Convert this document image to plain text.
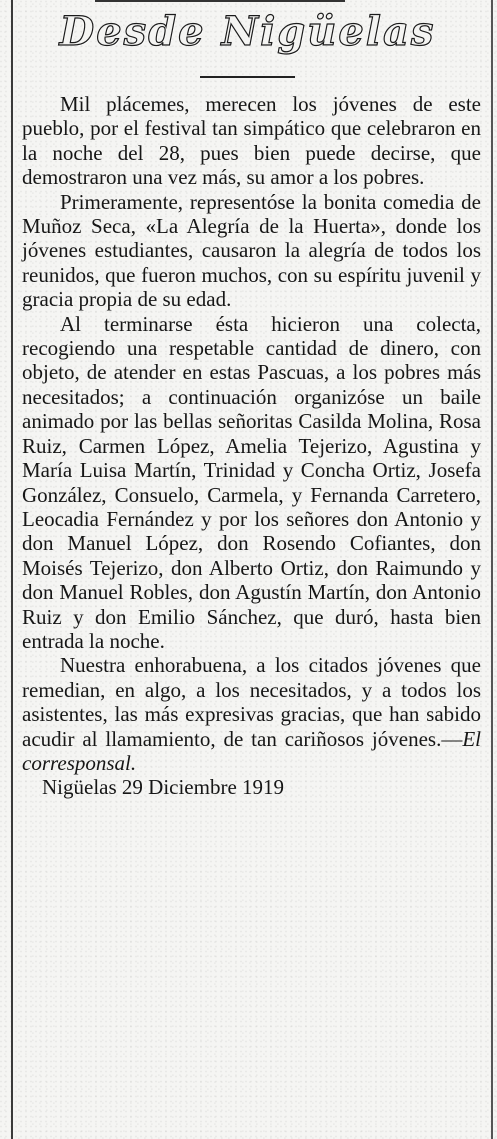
Desde Nigüelas

Mil plácemes, merecen los jóvenes de este pueblo, por el festival tan simpático que celebraron en la noche del 28, pues bien puede decirse, que demostraron una vez más, su amor a los pobres.

Primeramente, representóse la bonita comedia de Muñoz Seca, «La Alegría de la Huerta», donde los jóvenes estudiantes, causaron la alegría de todos los reunidos, que fueron muchos, con su espíritu juvenil y gracia propia de su edad.

Al terminarse ésta hicieron una colecta, recogiendo una respetable cantidad de dinero, con objeto, de atender en estas Pascuas, a los pobres más necesitados; a continuación organizóse un baile animado por las bellas señoritas Casilda Molina, Rosa Ruiz, Carmen López, Amelia Tejerizo, Agustina y María Luisa Martín, Trinidad y Concha Ortiz, Josefa González, Consuelo, Carmela, y Fernanda Carretero, Leocadia Fernández y por los señores don Antonio y don Manuel López, don Rosendo Cofiantes, don Moisés Tejerizo, don Alberto Ortiz, don Raimundo y don Manuel Robles, don Agustín Martín, don Antonio Ruiz y don Emilio Sánchez, que duró, hasta bien entrada la noche.

Nuestra enhorabuena, a los citados jóvenes que remedian, en algo, a los necesitados, y a todos los asistentes, las más expresivas gracias, que han sabido acudir al llamamiento, de tan cariñosos jóvenes.—El corresponsal.

Nigüelas 29 Diciembre 1919
